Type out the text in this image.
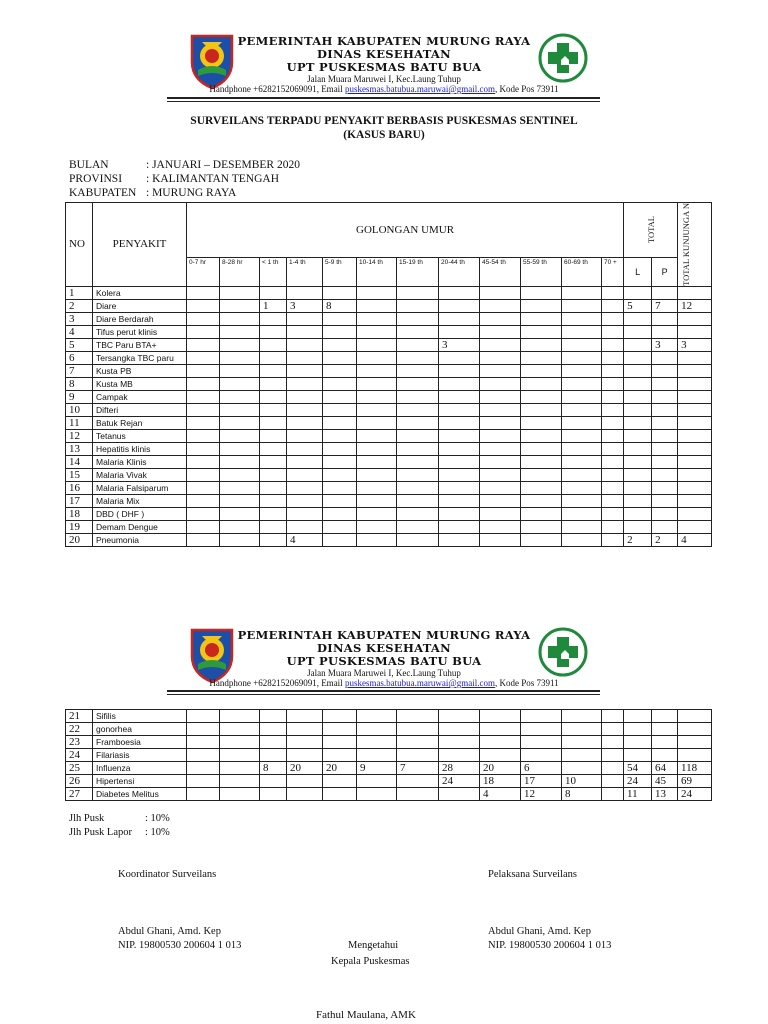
PEMERINTAH KABUPATEN MURUNG RAYA
DINAS KESEHATAN
UPT PUSKESMAS BATU BUA
Jalan Muara Maruwei I, Kec.Laung Tuhup
Handphone +6282152069091, Email puskesmas.batubua.maruwai@gmail.com, Kode Pos 73911
SURVEILANS TERPADU PENYAKIT BERBASIS PUSKESMAS SENTINEL
(KASUS BARU)
BULAN	: JANUARI – DESEMBER 2020
PROVINSI : KALIMANTAN TENGAH
KABUPATEN : MURUNG RAYA
NO	PENYAKIT	GOLONGAN UMUR												TOTAL		TOTAL KUNJUNGA N

		0-7 hr	8-28 hr	< 1 th	1-4 th	5-9 th	10-14 th	15-19 th	20-44 th	45-54 th	55-59 th	60-69 th	70 +	L	P	
1	Kolera															
2	Diare			1	3	8								5	7	12
3	Diare Berdarah															
4	Tifus perut klinis															
5	TBC Paru BTA+								3						3	3
6	Tersangka TBC paru															
7	Kusta PB															
8	Kusta MB															
9	Campak															
10	Difteri															
11	Batuk Rejan															
12	Tetanus															
13	Hepatitis klinis															
14	Malaria Klinis															
15	Malaria Vivak															
16	Malaria Falsiparum															
17	Malaria Mix															
18	DBD ( DHF )															
19	Demam Dengue															
20	Pneumonia				4									2	2	4
PEMERINTAH KABUPATEN MURUNG RAYA
DINAS KESEHATAN
UPT PUSKESMAS BATU BUA
Jalan Muara Maruwei I, Kec.Laung Tuhup
Handphone +6282152069091, Email puskesmas.batubua.maruwai@gmail.com, Kode Pos 73911
21	Sifilis															
22	gonorhea															
23	Framboesia															
24	Filariasis															
25	Influenza			8	20	20	9	7	28	20	6			54	64	118
26	Hipertensi								24	18	17	10		24	45	69
27	Diabetes Melitus									4	12	8		11	13	24
Jlh Pusk	: 10%
Jlh Pusk Lapor : 10%
Koordinator Surveilans	Pelaksana Surveilans
Abdul Ghani, Amd. Kep
NIP. 19800530 200604 1 013
Abdul Ghani, Amd. Kep
NIP. 19800530 200604 1 013
Mengetahui
Kepala Puskesmas
Fathul Maulana, AMK
